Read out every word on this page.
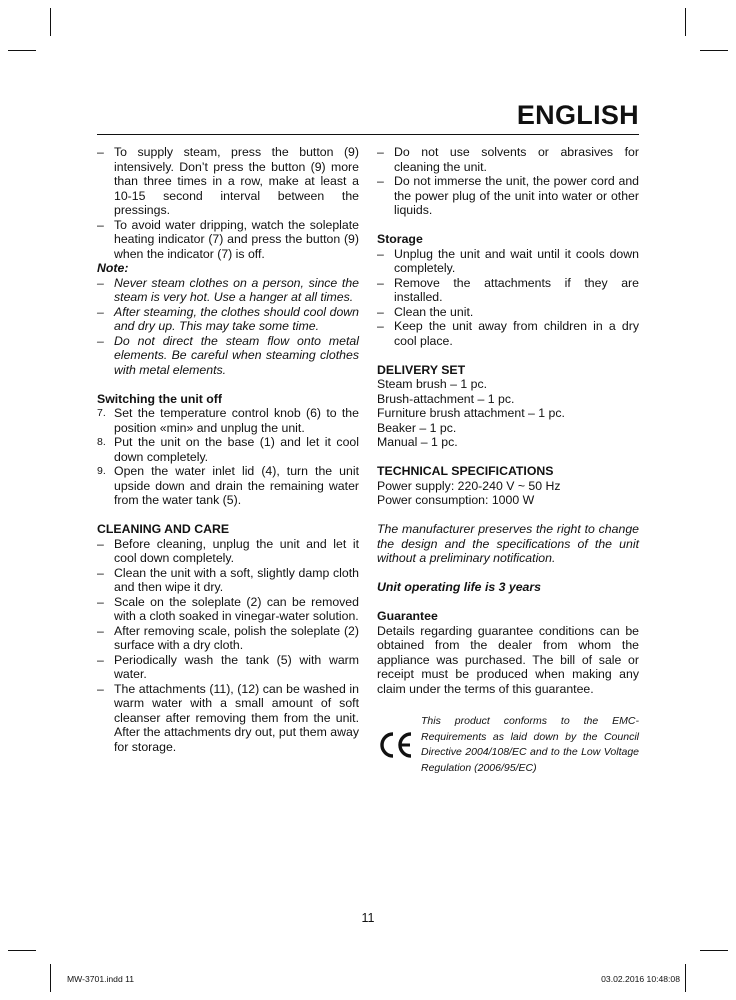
ENGLISH
– To supply steam, press the button (9) intensively. Don’t press the button (9) more than three times in a row, make at least a 10-15 second interval between the pressings.
– To avoid water dripping, watch the soleplate heating indicator (7) and press the button (9) when the indicator (7) is off.
Note:
– Never steam clothes on a person, since the steam is very hot. Use a hanger at all times.
– After steaming, the clothes should cool down and dry up. This may take some time.
– Do not direct the steam flow onto metal elements. Be careful when steaming clothes with metal elements.
Switching the unit off
7. Set the temperature control knob (6) to the position «min» and unplug the unit.
8. Put the unit on the base (1) and let it cool down completely.
9. Open the water inlet lid (4), turn the unit upside down and drain the remaining water from the water tank (5).
CLEANING AND CARE
– Before cleaning, unplug the unit and let it cool down completely.
– Clean the unit with a soft, slightly damp cloth and then wipe it dry.
– Scale on the soleplate (2) can be removed with a cloth soaked in vinegar-water solution.
– After removing scale, polish the soleplate (2) surface with a dry cloth.
– Periodically wash the tank (5) with warm water.
– The attachments (11), (12) can be washed in warm water with a small amount of soft cleanser after removing them from the unit. After the attachments dry out, put them away for storage.
– Do not use solvents or abrasives for cleaning the unit.
– Do not immerse the unit, the power cord and the power plug of the unit into water or other liquids.
Storage
– Unplug the unit and wait until it cools down completely.
– Remove the attachments if they are installed.
– Clean the unit.
– Keep the unit away from children in a dry cool place.
DELIVERY SET
Steam brush – 1 pc.
Brush-attachment – 1 pc.
Furniture brush attachment – 1 pc.
Beaker – 1 pc.
Manual – 1 pc.
TECHNICAL SPECIFICATIONS
Power supply: 220-240 V ~ 50 Hz
Power consumption: 1000 W
The manufacturer preserves the right to change the design and the specifications of the unit without a preliminary notification.
Unit operating life is 3 years
Guarantee
Details regarding guarantee conditions can be obtained from the dealer from whom the appliance was purchased. The bill of sale or receipt must be produced when making any claim under the terms of this guarantee.
This product conforms to the EMC-Requirements as laid down by the Council Directive 2004/108/EC and to the Low Voltage Regulation (2006/95/EC)
11
MW-3701.indd 11	03.02.2016 10:48:08
